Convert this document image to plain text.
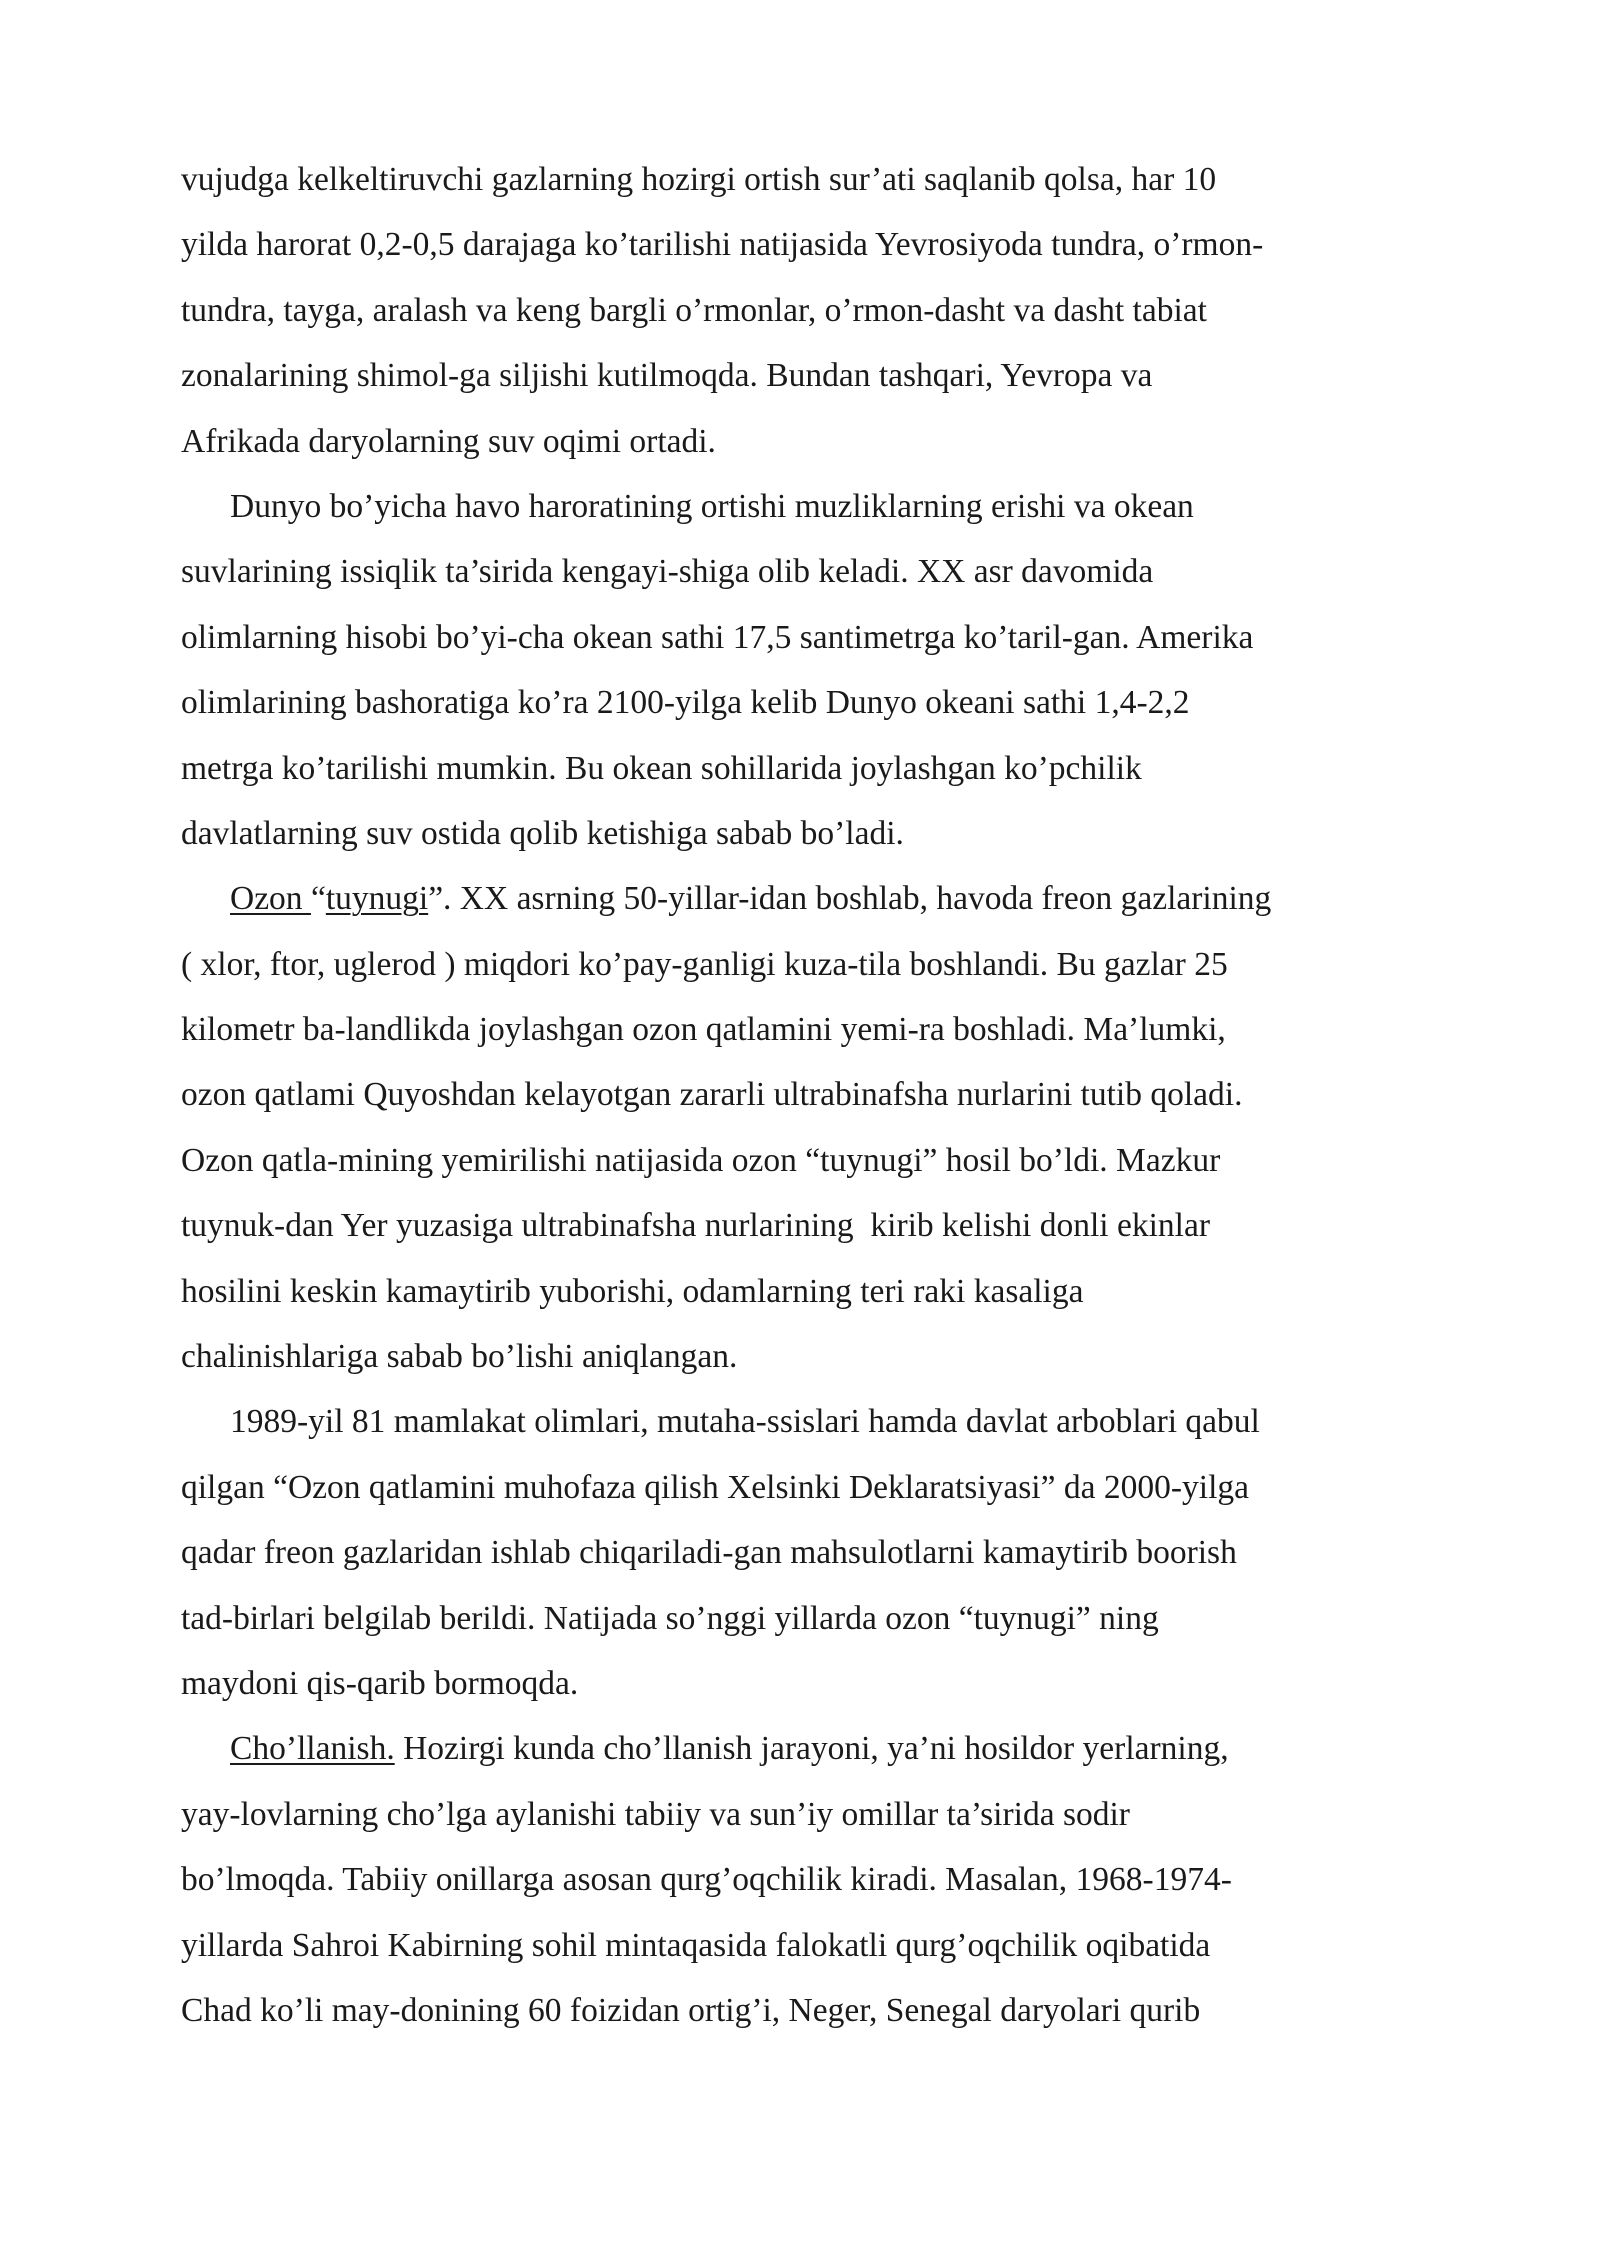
vujudga kelkeltiruvchi gazlarning hozirgi ortish sur’ati saqlanib qolsa, har 10
yilda harorat 0,2-0,5 darajaga ko’tarilishi natijasida Yevrosiyoda tundra, o’rmon-
tundra, tayga, aralash va keng bargli o’rmonlar, o’rmon-dasht va dasht tabiat
zonalarining shimol-ga siljishi kutilmoqda. Bundan tashqari, Yevropa va
Afrikada daryolarning suv oqimi ortadi.
Dunyo bo’yicha havo haroratining ortishi muzliklarning erishi va okean
suvlarining issiqlik ta’sirida kengayi-shiga olib keladi. XX asr davomida
olimlarning hisobi bo’yi-cha okean sathi 17,5 santimetrga ko’taril-gan. Amerika
olimlarining bashoratiga ko’ra 2100-yilga kelib Dunyo okeani sathi 1,4-2,2
metrga ko’tarilishi mumkin. Bu okean sohillarida joylashgan ko’pchilik
davlatlarning suv ostida qolib ketishiga sabab bo’ladi.
Ozon “tuynugi”. XX asrning 50-yillar-idan boshlab, havoda freon gazlarining
( xlor, ftor, uglerod ) miqdori ko’pay-ganligi kuza-tila boshlandi. Bu gazlar 25
kilometr ba-landlikda joylashgan ozon qatlamini yemi-ra boshladi. Ma’lumki,
ozon qatlami Quyoshdan kelayotgan zararli ultrabinafsha nurlarini tutib qoladi.
Ozon qatla-mining yemirilishi natijasida ozon “tuynugi” hosil bo’ldi. Mazkur
tuynuk-dan Yer yuzasiga ultrabinafsha nurlarining  kirib kelishi donli ekinlar
hosilini keskin kamaytirib yuborishi, odamlarning teri raki kasaliga
chalinishlariga sabab bo’lishi aniqlangan.
1989-yil 81 mamlakat olimlari, mutaha-ssislari hamda davlat arboblari qabul
qilgan “Ozon qatlamini muhofaza qilish Xelsinki Deklaratsiyasi” da 2000-yilga
qadar freon gazlaridan ishlab chiqariladi-gan mahsulotlarni kamaytirib boorish
tad-birlari belgilab berildi. Natijada so’nggi yillarda ozon “tuynugi” ning
maydoni qis-qarib bormoqda.
Cho’llanish. Hozirgi kunda cho’llanish jarayoni, ya’ni hosildor yerlarning,
yay-lovlarning cho’lga aylanishi tabiiy va sun’iy omillar ta’sirida sodir
bo’lmoqda. Tabiiy onillarga asosan qurg’oqchilik kiradi. Masalan, 1968-1974-
yillarda Sahroi Kabirning sohil mintaqasida falokatli qurg’oqchilik oqibatida
Chad ko’li may-donining 60 foizidan ortig’i, Neger, Senegal daryolari qurib
